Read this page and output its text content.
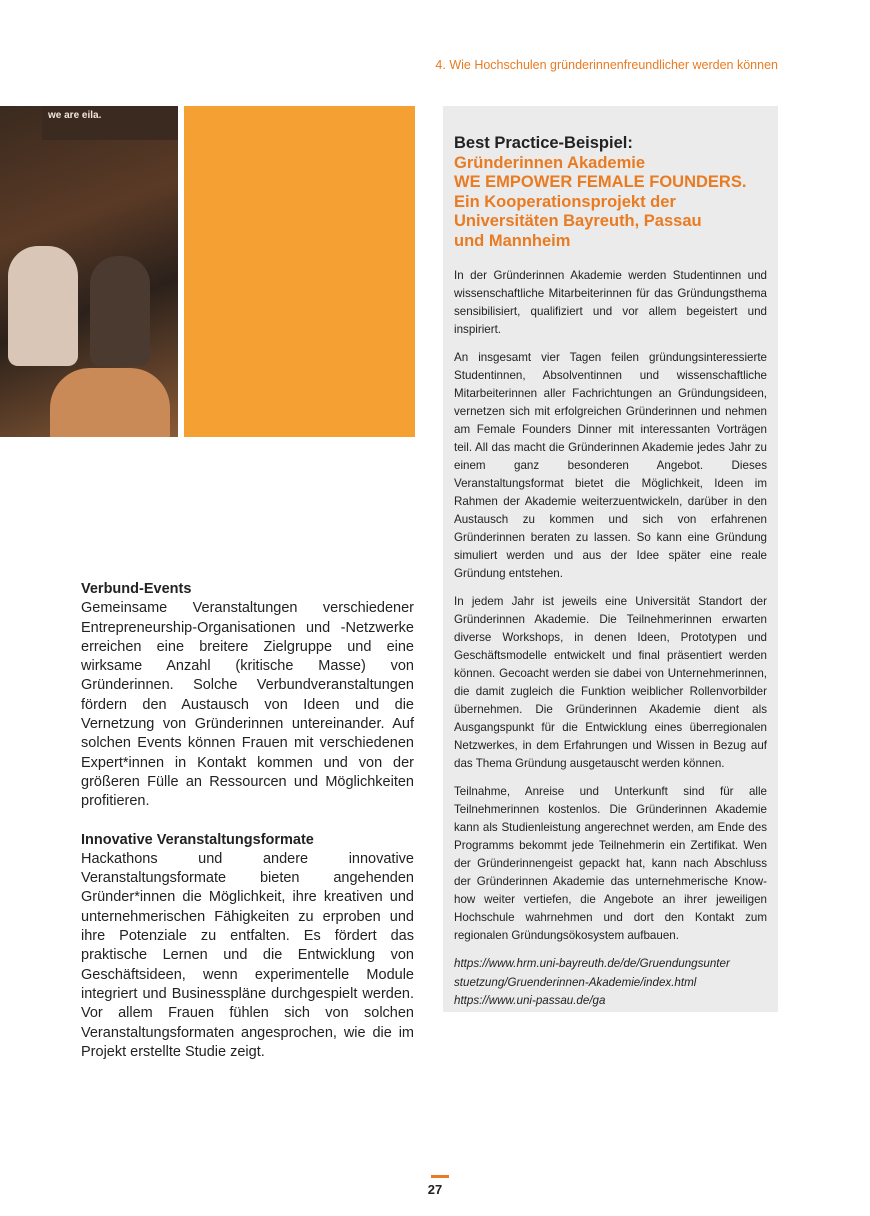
4. Wie Hochschulen gründerinnenfreundlicher werden können
we are eila.
Verbund-Events

Gemeinsame Veranstaltungen verschiedener Entrepreneurship-Organisationen und -Netzwerke erreichen eine breitere Zielgruppe und eine wirksame Anzahl (kritische Masse) von Gründerinnen. Solche Verbundveranstaltungen fördern den Austausch von Ideen und die Vernetzung von Gründerinnen untereinander. Auf solchen Events können Frauen mit verschiedenen Expert*innen in Kontakt kommen und von der größeren Fülle an Ressourcen und Möglichkeiten profitieren.

Innovative Veranstaltungsformate

Hackathons und andere innovative Veranstaltungsformate bieten angehenden Gründer*innen die Möglichkeit, ihre kreativen und unternehmerischen Fähigkeiten zu erproben und ihre Potenziale zu entfalten. Es fördert das praktische Lernen und die Entwicklung von Geschäftsideen, wenn experimentelle Module integriert und Businesspläne durchgespielt werden. Vor allem Frauen fühlen sich von solchen Veranstaltungsformaten angesprochen, wie die im Projekt erstellte Studie zeigt.

Best Practice-Beispiel:
Gründerinnen Akademie
WE EMPOWER FEMALE FOUNDERS.
Ein Kooperationsprojekt der
Universitäten Bayreuth, Passau
und Mannheim

In der Gründerinnen Akademie werden Studentinnen und wissenschaftliche Mitarbeiterinnen für das Gründungsthema sensibilisiert, qualifiziert und vor allem begeistert und inspiriert.

An insgesamt vier Tagen feilen gründungsinteressierte Studentinnen, Absolventinnen und wissenschaftliche Mitarbeiterinnen aller Fachrichtungen an Gründungsideen, vernetzen sich mit erfolgreichen Gründerinnen und nehmen am Female Founders Dinner mit interessanten Vorträgen teil. All das macht die Gründerinnen Akademie jedes Jahr zu einem ganz besonderen Angebot. Dieses Veranstaltungsformat bietet die Möglichkeit, Ideen im Rahmen der Akademie weiterzuentwickeln, darüber in den Austausch zu kommen und sich von erfahrenen Gründerinnen beraten zu lassen. So kann eine Gründung simuliert werden und aus der Idee später eine reale Gründung entstehen.

In jedem Jahr ist jeweils eine Universität Standort der Gründerinnen Akademie. Die Teilnehmerinnen erwarten diverse Workshops, in denen Ideen, Prototypen und Geschäftsmodelle entwickelt und final präsentiert werden können. Gecoacht werden sie dabei von Unternehmerinnen, die damit zugleich die Funktion weiblicher Rollenvorbilder übernehmen. Die Gründerinnen Akademie dient als Ausgangspunkt für die Entwicklung eines überregionalen Netzwerkes, in dem Erfahrungen und Wissen in Bezug auf das Thema Gründung ausgetauscht werden können.

Teilnahme, Anreise und Unterkunft sind für alle Teilnehmerinnen kostenlos. Die Gründerinnen Akademie kann als Studienleistung angerechnet werden, am Ende des Programms bekommt jede Teilnehmerin ein Zertifikat. Wen der Gründerinnengeist gepackt hat, kann nach Abschluss der Gründerinnen Akademie das unternehmerische Know-how weiter vertiefen, die Angebote an ihrer jeweiligen Hochschule wahrnehmen und dort den Kontakt zum regionalen Gründungsökosystem aufbauen.

https://www.hrm.uni-bayreuth.de/de/Gruendungsunter
stuetzung/Gruenderinnen-Akademie/index.html
https://www.uni-passau.de/ga
27
